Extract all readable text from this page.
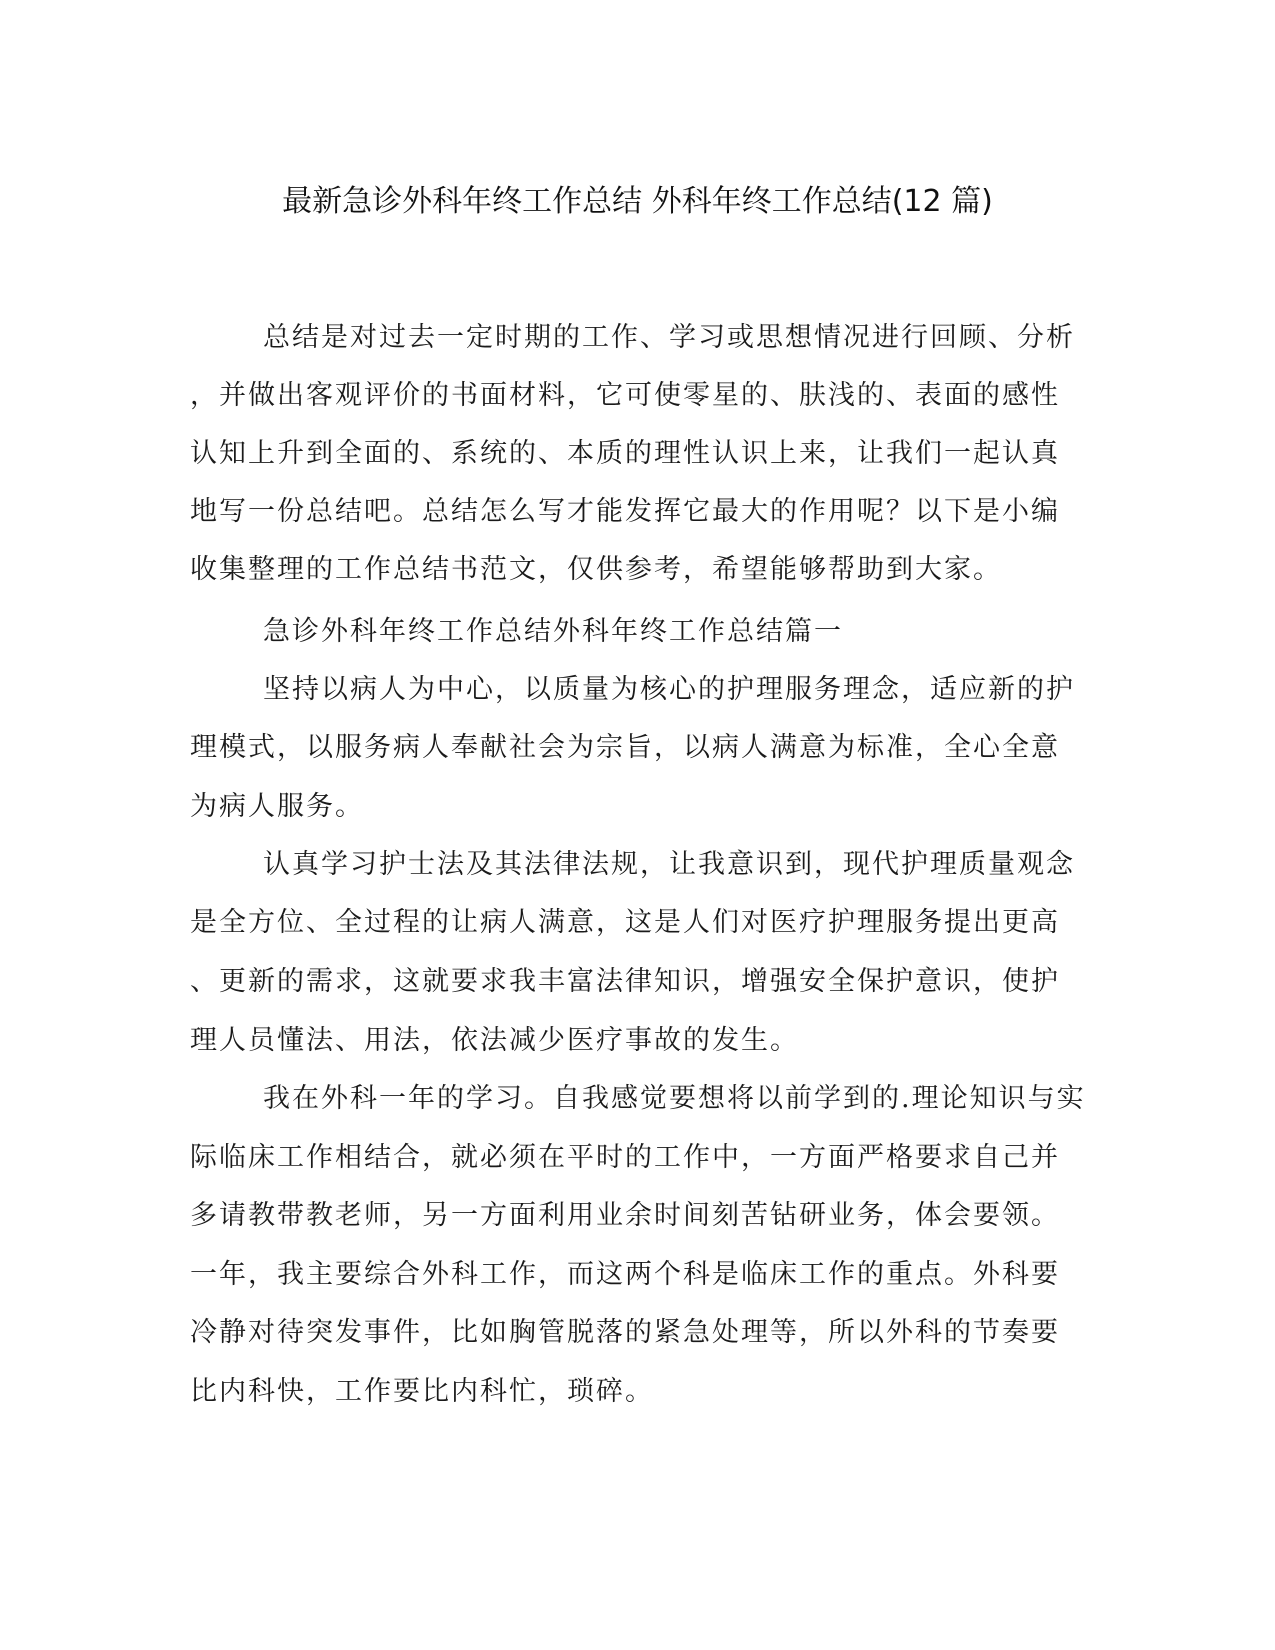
最新急诊外科年终工作总结 外科年终工作总结(12 篇)
总结是对过去一定时期的工作、学习或思想情况进行回顾、分析
，并做出客观评价的书面材料，它可使零星的、肤浅的、表面的感性
认知上升到全面的、系统的、本质的理性认识上来，让我们一起认真
地写一份总结吧。总结怎么写才能发挥它最大的作用呢？以下是小编
收集整理的工作总结书范文，仅供参考，希望能够帮助到大家。
急诊外科年终工作总结外科年终工作总结篇一
坚持以病人为中心，以质量为核心的护理服务理念，适应新的护
理模式，以服务病人奉献社会为宗旨，以病人满意为标准，全心全意
为病人服务。
认真学习护士法及其法律法规，让我意识到，现代护理质量观念
是全方位、全过程的让病人满意，这是人们对医疗护理服务提出更高
、更新的需求，这就要求我丰富法律知识，增强安全保护意识，使护
理人员懂法、用法，依法减少医疗事故的发生。
我在外科一年的学习。自我感觉要想将以前学到的.理论知识与实
际临床工作相结合，就必须在平时的工作中，一方面严格要求自己并
多请教带教老师，另一方面利用业余时间刻苦钻研业务，体会要领。
一年，我主要综合外科工作，而这两个科是临床工作的重点。外科要
冷静对待突发事件，比如胸管脱落的紧急处理等，所以外科的节奏要
比内科快，工作要比内科忙，琐碎。
